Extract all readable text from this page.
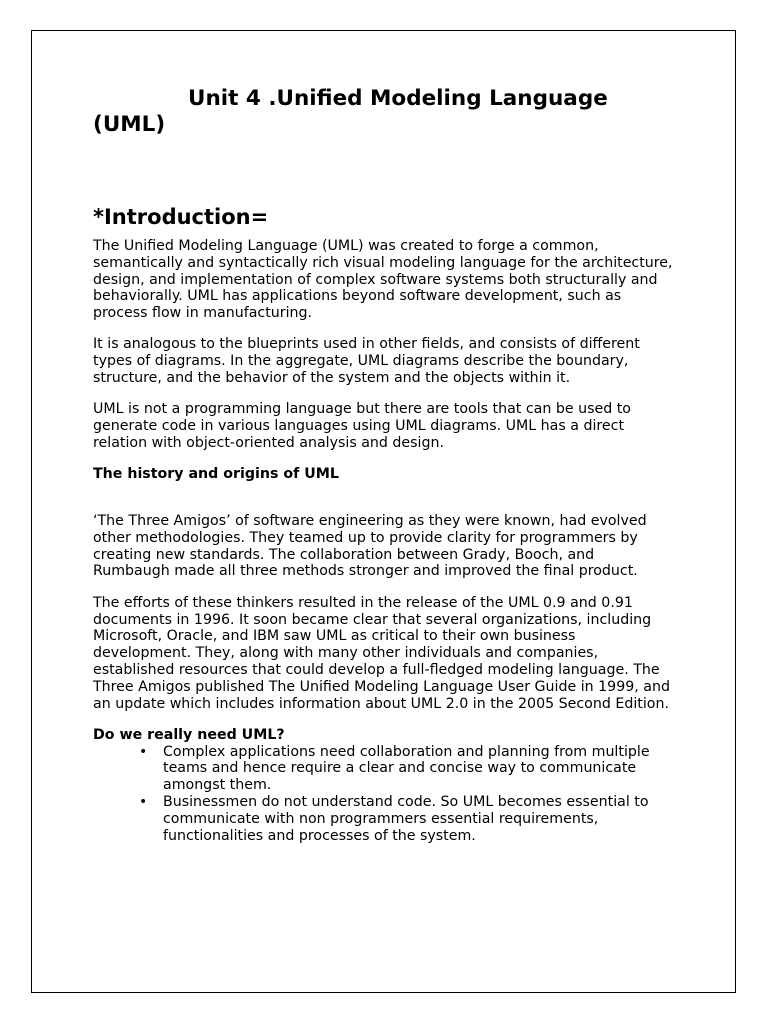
Unit 4 .Unified Modeling Language (UML)
*Introduction=

The Unified Modeling Language (UML) was created to forge a common, semantically and syntactically rich visual modeling language for the architecture, design, and implementation of complex software systems both structurally and behaviorally. UML has applications beyond software development, such as process flow in manufacturing.

It is analogous to the blueprints used in other fields, and consists of different types of diagrams. In the aggregate, UML diagrams describe the boundary, structure, and the behavior of the system and the objects within it.

UML is not a programming language but there are tools that can be used to generate code in various languages using UML diagrams. UML has a direct relation with object-oriented analysis and design.

The history and origins of UML

‘The Three Amigos’ of software engineering as they were known, had evolved other methodologies. They teamed up to provide clarity for programmers by creating new standards. The collaboration between Grady, Booch, and Rumbaugh made all three methods stronger and improved the final product.

The efforts of these thinkers resulted in the release of the UML 0.9 and 0.91 documents in 1996. It soon became clear that several organizations, including Microsoft, Oracle, and IBM saw UML as critical to their own business development. They, along with many other individuals and companies, established resources that could develop a full-fledged modeling language. The Three Amigos published The Unified Modeling Language User Guide in 1999, and an update which includes information about UML 2.0 in the 2005 Second Edition.

Do we really need UML?
• Complex applications need collaboration and planning from multiple teams and hence require a clear and concise way to communicate amongst them.
• Businessmen do not understand code. So UML becomes essential to communicate with non programmers essential requirements, functionalities and processes of the system.
